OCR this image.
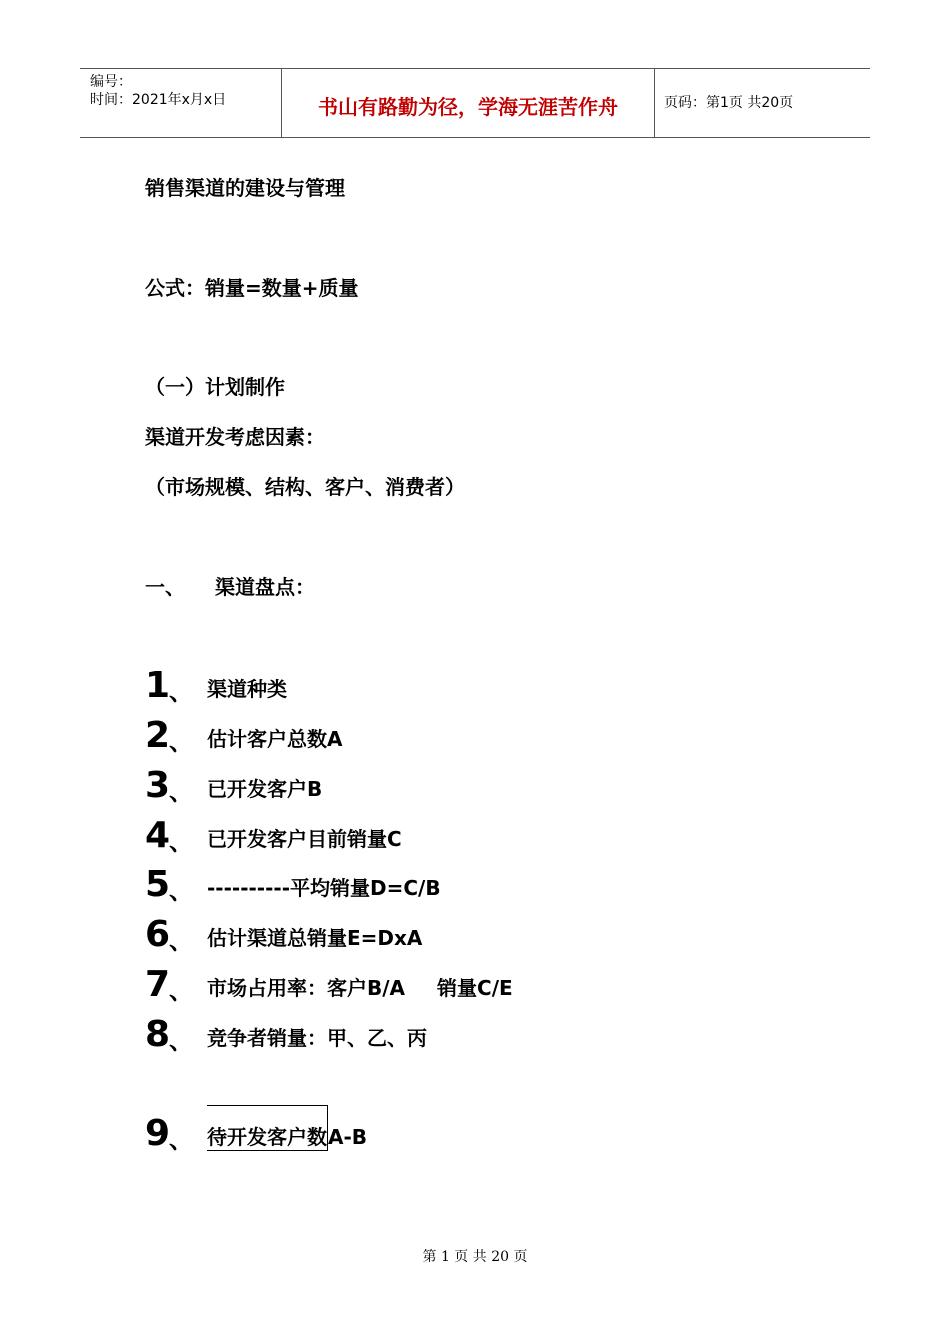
编号：
时间：2021年x月x日	书山有路勤为径，学海无涯苦作舟	页码：第1页 共20页
销售渠道的建设与管理
公式：销量=数量+质量
（一）计划制作
渠道开发考虑因素：
（市场规模、结构、客户、消费者）
一、 渠道盘点：
1
、 渠道种类
2
、 估计客户总数A
3
、 已开发客户B
4
、 已开发客户目前销量C
5
、 ----------平均销量D=C/B
6
、 估计渠道总销量E=DxA
7
、 市场占用率：客户B/A 销量C/E
8
、 竞争者销量：甲、乙、丙
9
、 待开发客户数A-B
第 1 页 共 20 页
